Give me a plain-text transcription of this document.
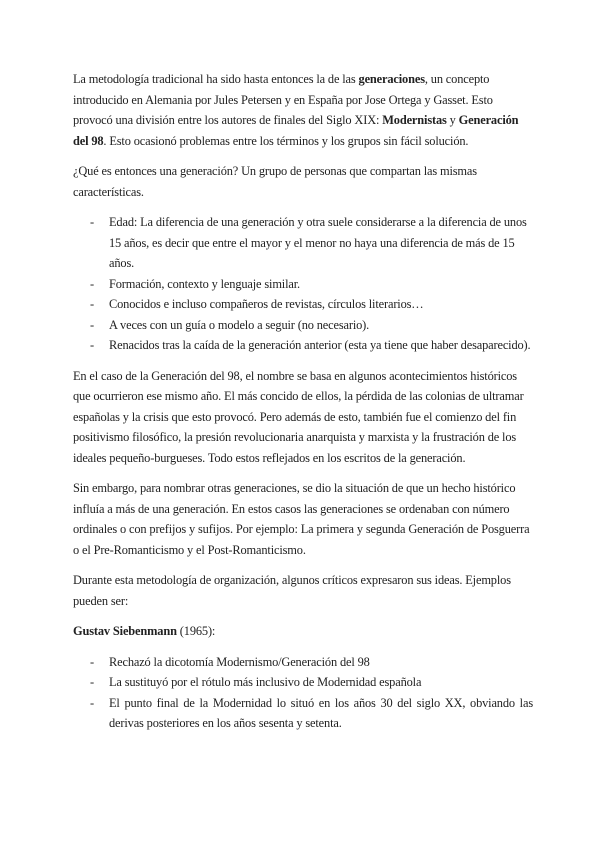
La metodología tradicional ha sido hasta entonces la de las generaciones, un concepto introducido en Alemania por Jules Petersen y en España por Jose Ortega y Gasset. Esto provocó una división entre los autores de finales del Siglo XIX: Modernistas y Generación del 98. Esto ocasionó problemas entre los términos y los grupos sin fácil solución.

¿Qué es entonces una generación? Un grupo de personas que compartan las mismas características.

- Edad: La diferencia de una generación y otra suele considerarse a la diferencia de unos 15 años, es decir que entre el mayor y el menor no haya una diferencia de más de 15 años.
- Formación, contexto y lenguaje similar.
- Conocidos e incluso compañeros de revistas, círculos literarios…
- A veces con un guía o modelo a seguir (no necesario).
- Renacidos tras la caída de la generación anterior (esta ya tiene que haber desaparecido).

En el caso de la Generación del 98, el nombre se basa en algunos acontecimientos históricos que ocurrieron ese mismo año. El más concido de ellos, la pérdida de las colonias de ultramar españolas y la crisis que esto provocó. Pero además de esto, también fue el comienzo del fin positivismo filosófico, la presión revolucionaria anarquista y marxista y la frustración de los ideales pequeño-burgueses. Todo estos reflejados en los escritos de la generación.

Sin embargo, para nombrar otras generaciones, se dio la situación de que un hecho histórico influía a más de una generación. En estos casos las generaciones se ordenaban con número ordinales o con prefijos y sufijos. Por ejemplo: La primera y segunda Generación de Posguerra o el Pre-Romanticismo y el Post-Romanticismo.

Durante esta metodología de organización, algunos críticos expresaron sus ideas. Ejemplos pueden ser:

Gustav Siebenmann (1965):

- Rechazó la dicotomía Modernismo/Generación del 98
- La sustituyó por el rótulo más inclusivo de Modernidad española
- El punto final de la Modernidad lo situó en los años 30 del siglo XX, obviando las derivas posteriores en los años sesenta y setenta.
